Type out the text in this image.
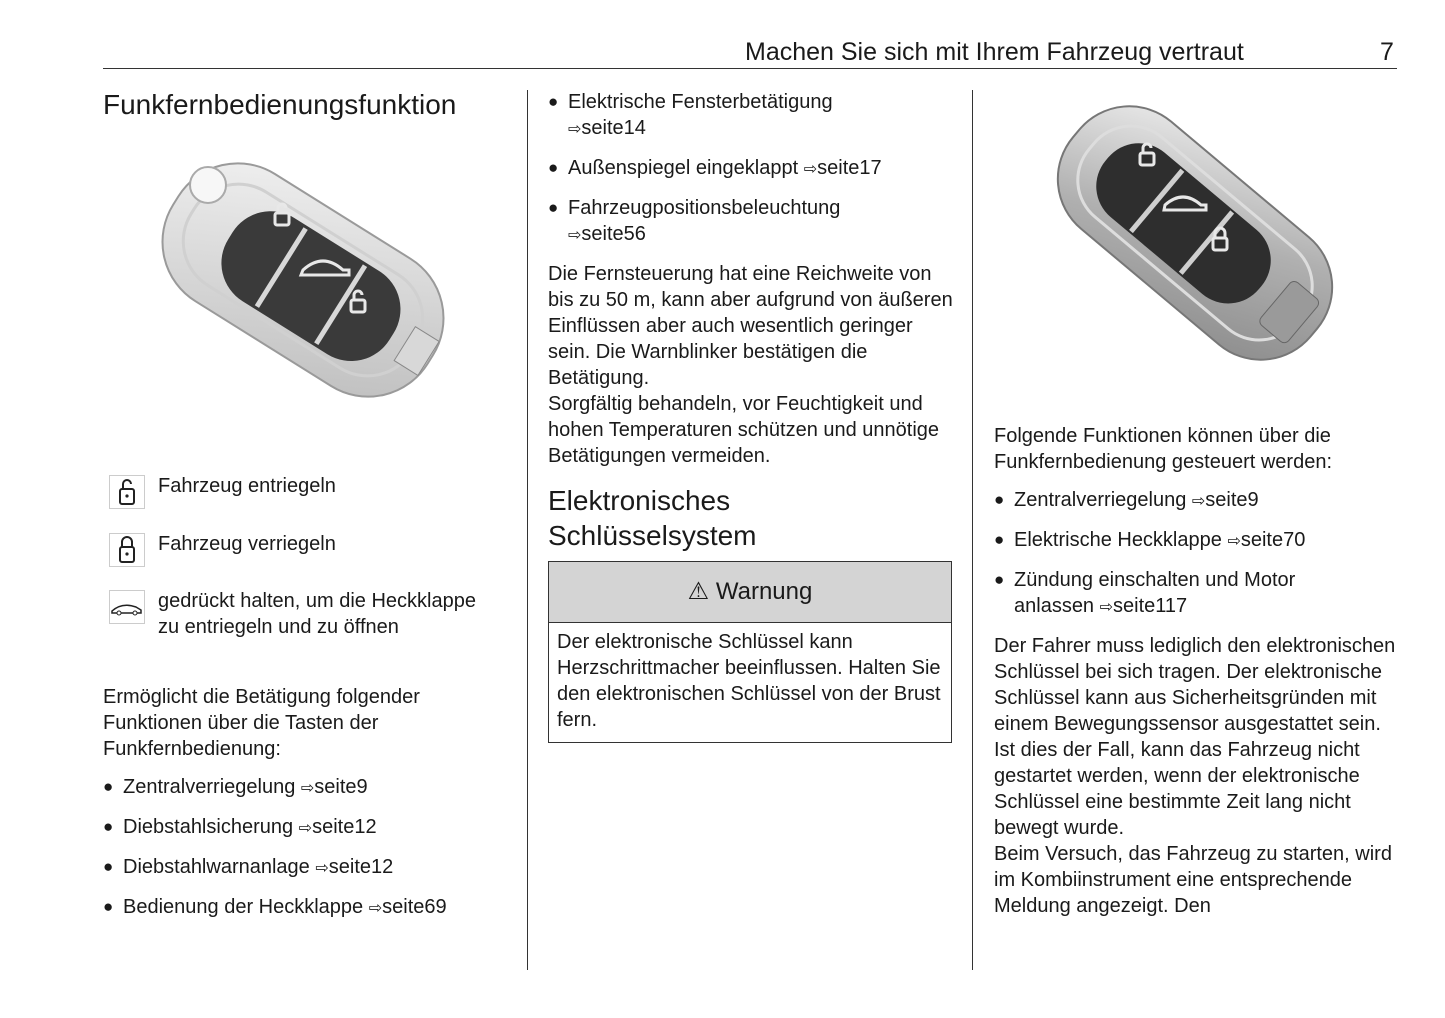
Machen Sie sich mit Ihrem Fahrzeug vertraut	7
Funkfernbedienungsfunktion
Fahrzeug entriegeln
Fahrzeug verriegeln
gedrückt halten, um die Heckklappe zu entriegeln und zu öffnen

Ermöglicht die Betätigung folgender Funktionen über die Tasten der Funkfernbedienung:

● Zentralverriegelung ⇨seite9
● Diebstahlsicherung ⇨seite12
● Diebstahlwarnanlage ⇨seite12
● Bedienung der Heckklappe ⇨seite69
● Elektrische Fensterbetätigung
⇨seite14
● Außenspiegel eingeklappt ⇨seite17
● Fahrzeugpositionsbeleuchtung
⇨seite56

Die Fernsteuerung hat eine Reichweite von bis zu 50 m, kann aber aufgrund von äußeren Einflüssen aber auch wesentlich geringer sein. Die Warnblinker bestätigen die Betätigung.

Sorgfältig behandeln, vor Feuchtigkeit und hohen Temperaturen schützen und unnötige Betätigungen vermeiden.

Elektronisches Schlüsselsystem
⚠ Warnung
Der elektronische Schlüssel kann Herzschrittmacher beeinflussen. Halten Sie den elektronischen Schlüssel von der Brust fern.

Folgende Funktionen können über die Funkfernbedienung gesteuert werden:

● Zentralverriegelung ⇨seite9
● Elektrische Heckklappe ⇨seite70
● Zündung einschalten und Motor anlassen ⇨seite117

Der Fahrer muss lediglich den elektronischen Schlüssel bei sich tragen. Der elektronische Schlüssel kann aus Sicherheitsgründen mit einem Bewegungssensor ausgestattet sein. Ist dies der Fall, kann das Fahrzeug nicht gestartet werden, wenn der elektronische Schlüssel eine bestimmte Zeit lang nicht bewegt wurde.

Beim Versuch, das Fahrzeug zu starten, wird im Kombiinstrument eine entsprechende Meldung angezeigt. Den
